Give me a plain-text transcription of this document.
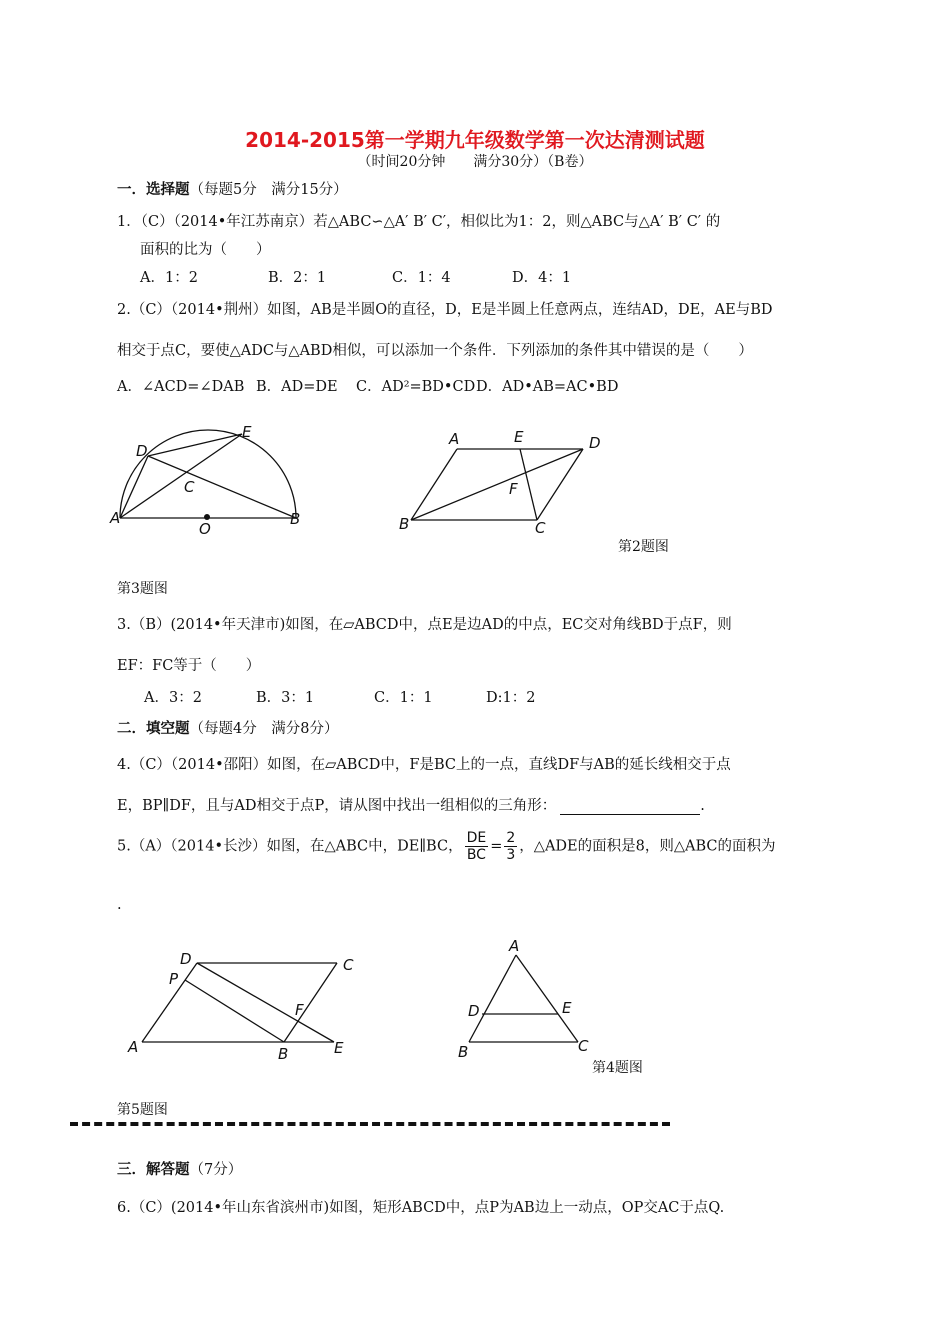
2014-2015第一学期九年级数学第一次达清测试题
（时间20分钟　　满分30分）（B卷）
一．选择题（每题5分　满分15分）
1．（C）（2014•年江苏南京）若△ABC∽△A′ B′ C′，相似比为1：2，则△ABC与△A′ B′ C′ 的
面积的比为（　　）
A．1：2	B．2：1	C．1：4	D．4：1
2.（C）（2014•荆州）如图，AB是半圆O的直径，D，E是半圆上任意两点，连结AD，DE，AE与BD
相交于点C，要使△ADC与△ABD相似，可以添加一个条件．下列添加的条件其中错误的是（　　）
A．∠ACD=∠DAB B．AD=DE C．AD²=BD•CD D．AD•AB=AC•BD
D
E
C
A
O
B
A	E	D
F
B	C
第2题图
第3题图
3.（B）(2014•年天津市)如图，在▱ABCD中，点E是边AD的中点，EC交对角线BD于点F，则
EF：FC等于（　　）
A．3：2	B．3：1	C．1：1	D:1：2
二．填空题（每题4分　满分8分）
4.（C）（2014•邵阳）如图，在▱ABCD中，F是BC上的一点，直线DF与AB的延长线相交于点
E，BP∥DF，且与AD相交于点P，请从图中找出一组相似的三角形：	.
5.（A）（2014•长沙）如图，在△ABC中，DE∥BC， $\frac{DE}{BC} = \frac{2}{3}$ ，△ADE的面积是8，则△ABC的面积为
.
D	C
P
F
A	B	E
A
D	E
B	C
第4题图
第5题图
三．解答题（7分）
6.（C）(2014•年山东省滨州市)如图，矩形ABCD中，点P为AB边上一动点，OP交AC于点Q.
